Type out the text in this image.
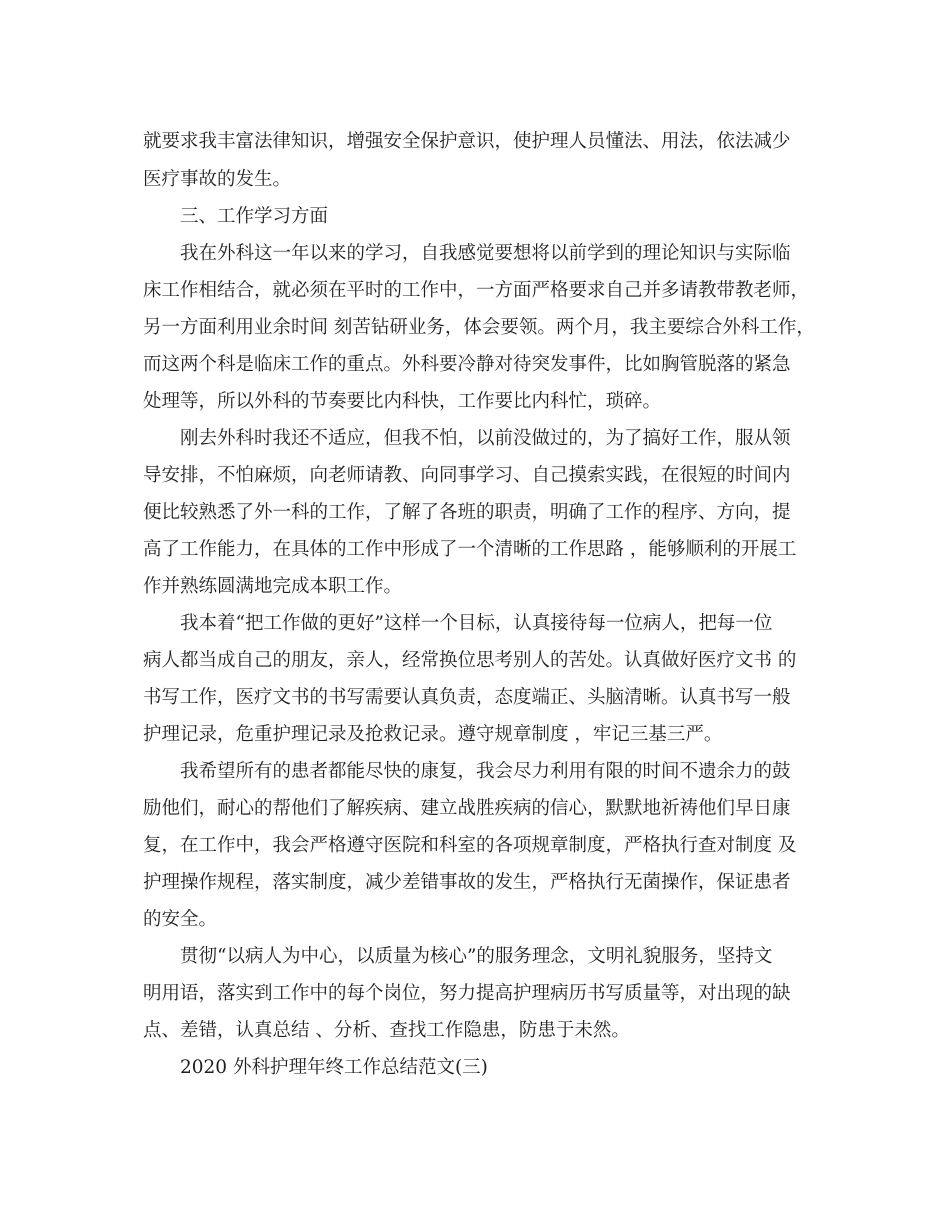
就要求我丰富法律知识，增强安全保护意识，使护理人员懂法、用法，依法减少

医疗事故的发生。

三、工作学习方面

我在外科这一年以来的学习，自我感觉要想将以前学到的理论知识与实际临

床工作相结合，就必须在平时的工作中，一方面严格要求自己并多请教带教老师，

另一方面利用业余时间 刻苦钻研业务，体会要领。两个月，我主要综合外科工作，

而这两个科是临床工作的重点。外科要冷静对待突发事件，比如胸管脱落的紧急

处理等，所以外科的节奏要比内科快，工作要比内科忙，琐碎。

刚去外科时我还不适应，但我不怕，以前没做过的，为了搞好工作，服从领

导安排，不怕麻烦，向老师请教、向同事学习、自己摸索实践，在很短的时间内

便比较熟悉了外一科的工作，了解了各班的职责，明确了工作的程序、方向，提

高了工作能力，在具体的工作中形成了一个清晰的工作思路 ，能够顺利的开展工

作并熟练圆满地完成本职工作。

我本着“把工作做的更好”这样一个目标，认真接待每一位病人，把每一位

病人都当成自己的朋友，亲人，经常换位思考别人的苦处。认真做好医疗文书 的

书写工作，医疗文书的书写需要认真负责，态度端正、头脑清晰。认真书写一般

护理记录，危重护理记录及抢救记录。遵守规章制度 ，牢记三基三严。

我希望所有的患者都能尽快的康复，我会尽力利用有限的时间不遗余力的鼓

励他们，耐心的帮他们了解疾病、建立战胜疾病的信心，默默地祈祷他们早日康

复，在工作中，我会严格遵守医院和科室的各项规章制度，严格执行查对制度 及

护理操作规程，落实制度，减少差错事故的发生，严格执行无菌操作，保证患者

的安全。

贯彻“以病人为中心，以质量为核心”的服务理念，文明礼貌服务，坚持文

明用语，落实到工作中的每个岗位，努力提高护理病历书写质量等，对出现的缺

点、差错，认真总结 、分析、查找工作隐患，防患于未然。

2020 外科护理年终工作总结范文(三)
